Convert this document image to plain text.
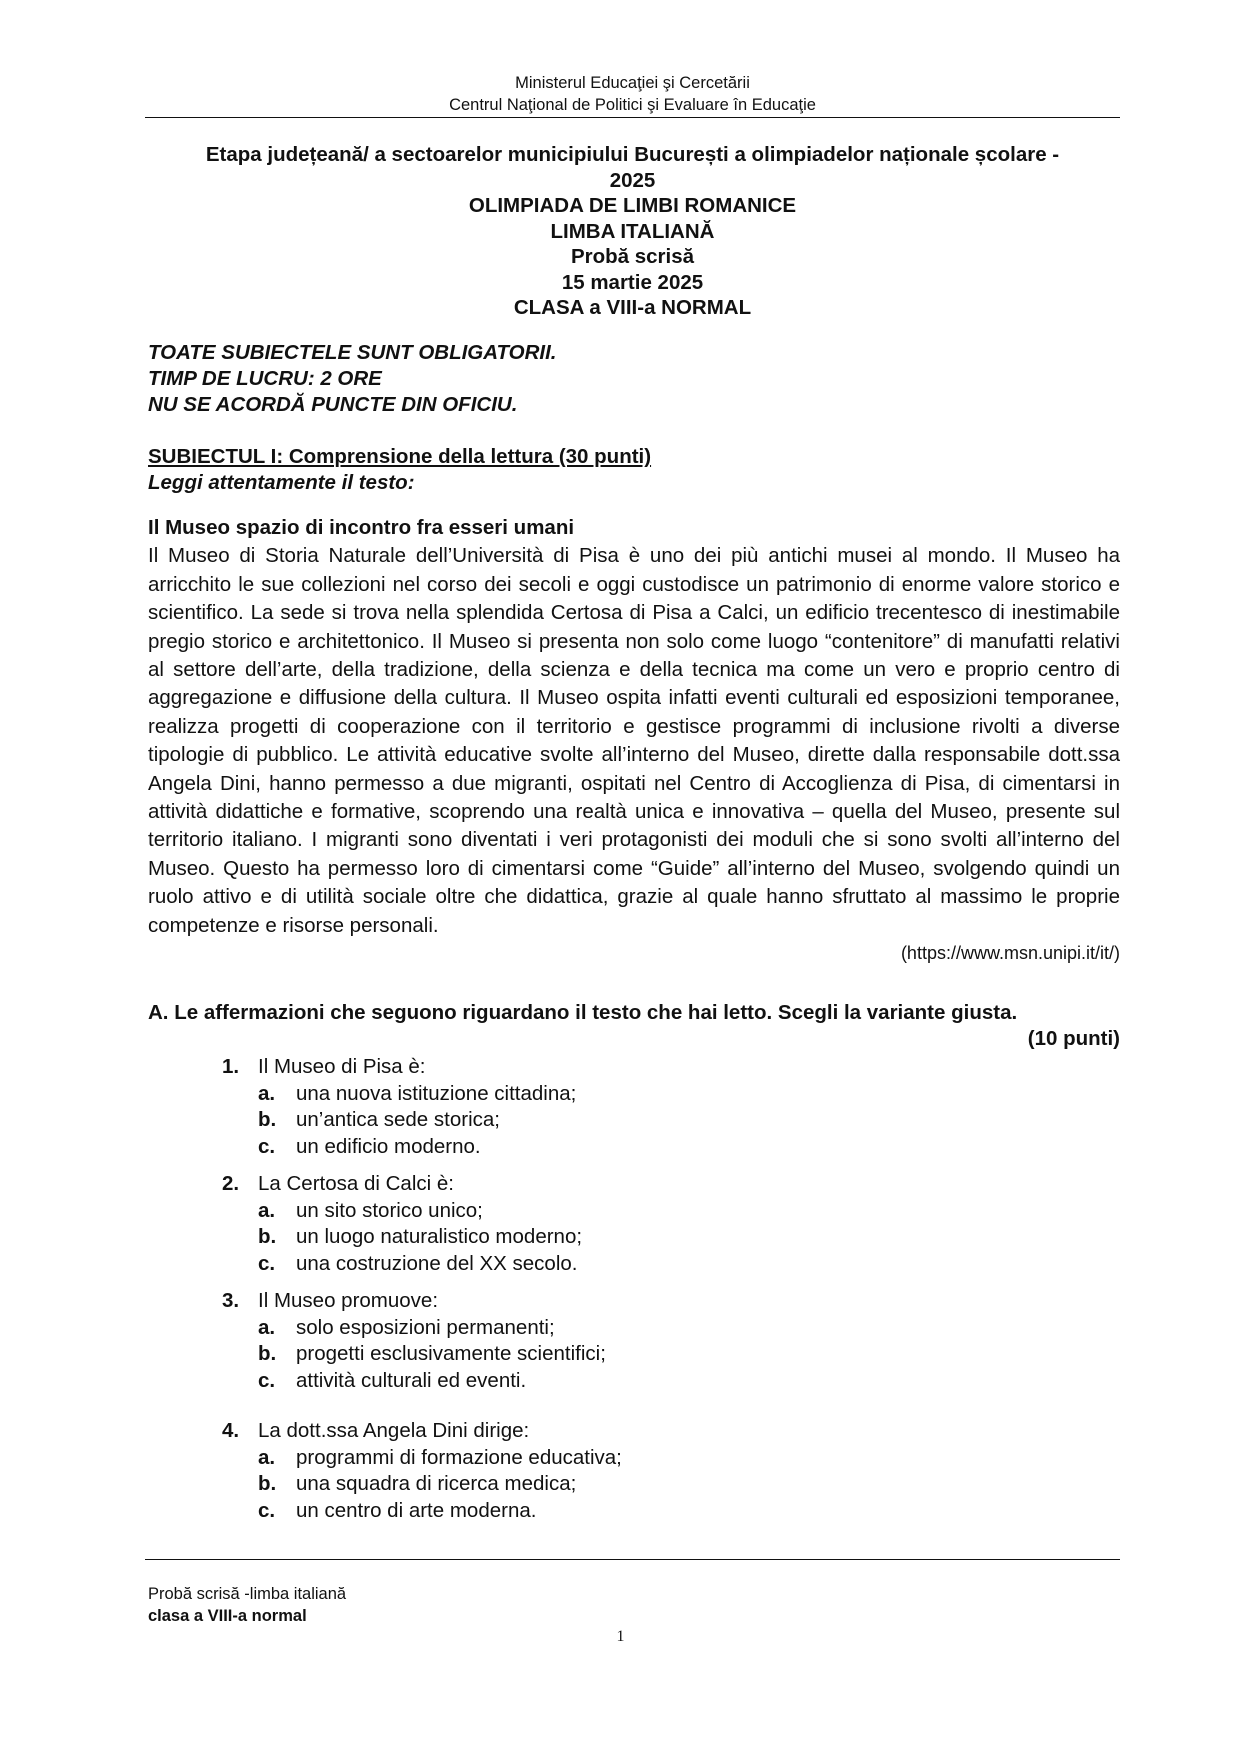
Ministerul Educaţiei şi Cercetării
Centrul Naţional de Politici şi Evaluare în Educaţie
Etapa județeană/ a sectoarelor municipiului București a olimpiadelor naționale școlare -
2025
OLIMPIADA DE LIMBI ROMANICE
LIMBA ITALIANĂ
Probă scrisă
15 martie 2025
CLASA a VIII-a NORMAL
TOATE SUBIECTELE SUNT OBLIGATORII.
TIMP DE LUCRU: 2 ORE
NU SE ACORDĂ PUNCTE DIN OFICIU.
SUBIECTUL I: Comprensione della lettura (30 punti)
Leggi attentamente il testo:
Il Museo spazio di incontro fra esseri umani
Il Museo di Storia Naturale dell’Università di Pisa è uno dei più antichi musei al mondo. Il Museo ha arricchito le sue collezioni nel corso dei secoli e oggi custodisce un patrimonio di enorme valore storico e scientifico. La sede si trova nella splendida Certosa di Pisa a Calci, un edificio trecentesco di inestimabile pregio storico e architettonico. Il Museo si presenta non solo come luogo “contenitore” di manufatti relativi al settore dell’arte, della tradizione, della scienza e della tecnica ma come un vero e proprio centro di aggregazione e diffusione della cultura. Il Museo ospita infatti eventi culturali ed esposizioni temporanee, realizza progetti di cooperazione con il territorio e gestisce programmi di inclusione rivolti a diverse tipologie di pubblico. Le attività educative svolte all’interno del Museo, dirette dalla responsabile dott.ssa Angela Dini, hanno permesso a due migranti, ospitati nel Centro di Accoglienza di Pisa, di cimentarsi in attività didattiche e formative, scoprendo una realtà unica e innovativa – quella del Museo, presente sul territorio italiano. I migranti sono diventati i veri protagonisti dei moduli che si sono svolti all’interno del Museo. Questo ha permesso loro di cimentarsi come “Guide” all’interno del Museo, svolgendo quindi un ruolo attivo e di utilità sociale oltre che didattica, grazie al quale hanno sfruttato al massimo le proprie competenze e risorse personali.
(https://www.msn.unipi.it/it/)
A. Le affermazioni che seguono riguardano il testo che hai letto. Scegli la variante giusta.
(10 punti)
1. Il Museo di Pisa è:
a.	una nuova istituzione cittadina;
b. un’antica sede storica;
c.	un edificio moderno.
2. La Certosa di Calci è:
a.	un sito storico unico;
b. un luogo naturalistico moderno;
c.	una costruzione del XX secolo.
3. Il Museo promuove:
a.	solo esposizioni permanenti;
b. progetti esclusivamente scientifici;
c.	attività culturali ed eventi.
4. La dott.ssa Angela Dini dirige:
a.	programmi di formazione educativa;
b. una squadra di ricerca medica;
c.	un centro di arte moderna.
Probă scrisă -limba italiană
clasa a VIII-a normal
1
